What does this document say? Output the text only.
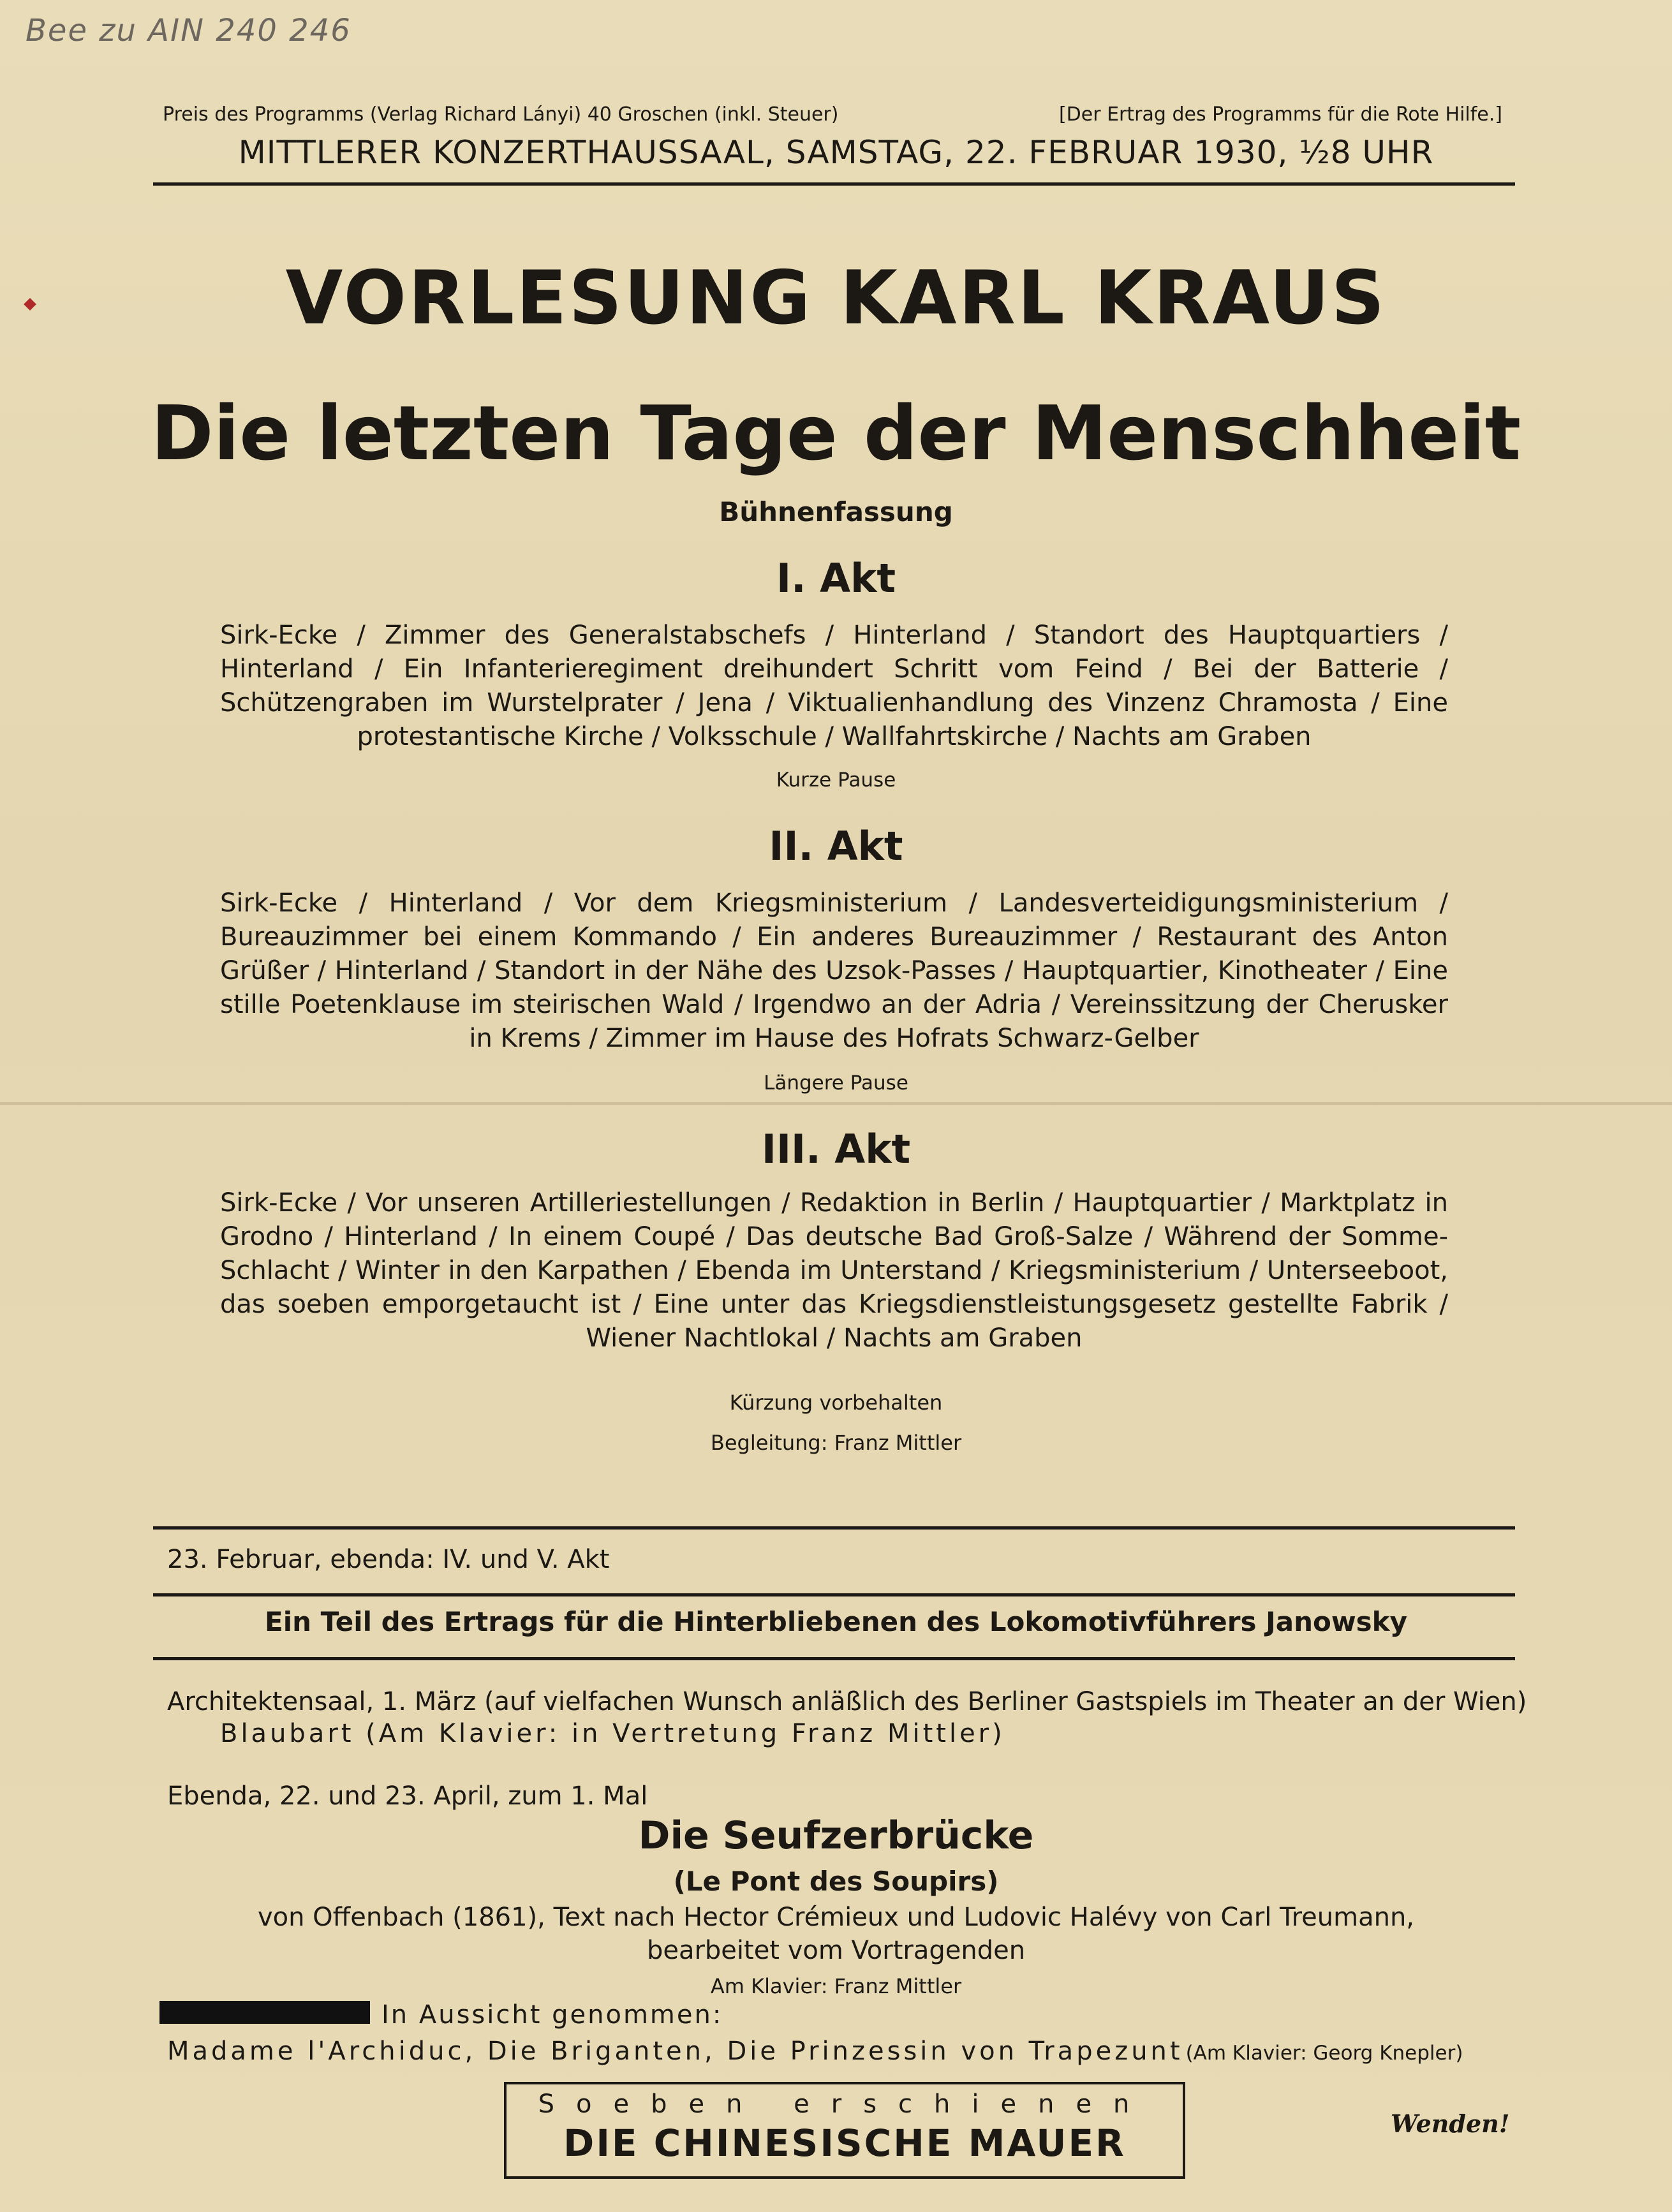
Bee zu AIN 240 246
Preis des Programms (Verlag Richard Lányi) 40 Groschen (inkl. Steuer)	[Der Ertrag des Programms für die Rote Hilfe.]
MITTLERER KONZERTHAUSSAAL, SAMSTAG, 22. FEBRUAR 1930, ½8 UHR
VORLESUNG KARL KRAUS
Die letzten Tage der Menschheit
Bühnenfassung
I. Akt
Sirk-Ecke / Zimmer des Generalstabschefs / Hinterland / Standort des Hauptquartiers / Hinterland / Ein Infanterieregiment dreihundert Schritt vom Feind / Bei der Batterie / Schützengraben im Wurstelprater / Jena / Viktualienhandlung des Vinzenz Chramosta / Eine protestantische Kirche / Volksschule / Wallfahrtskirche / Nachts am Graben
Kurze Pause
II. Akt
Sirk-Ecke / Hinterland / Vor dem Kriegsministerium / Landesverteidigungsministerium / Bureauzimmer bei einem Kommando / Ein anderes Bureauzimmer / Restaurant des Anton Grüßer / Hinterland / Standort in der Nähe des Uzsok-Passes / Hauptquartier, Kinotheater / Eine stille Poetenklause im steirischen Wald / Irgendwo an der Adria / Vereinssitzung der Cherusker in Krems / Zimmer im Hause des Hofrats Schwarz-Gelber
Längere Pause
III. Akt
Sirk-Ecke / Vor unseren Artilleriestellungen / Redaktion in Berlin / Hauptquartier / Marktplatz in Grodno / Hinterland / In einem Coupé / Das deutsche Bad Groß-Salze / Während der Somme-Schlacht / Winter in den Karpathen / Ebenda im Unterstand / Kriegsministerium / Unterseeboot, das soeben emporgetaucht ist / Eine unter das Kriegsdienstleistungsgesetz gestellte Fabrik / Wiener Nachtlokal / Nachts am Graben
Kürzung vorbehalten
Begleitung: Franz Mittler
23. Februar, ebenda: IV. und V. Akt
Ein Teil des Ertrags für die Hinterbliebenen des Lokomotivführers Janowsky
Architektensaal, 1. März (auf vielfachen Wunsch anläßlich des Berliner Gastspiels im Theater an der Wien)
Blaubart (Am Klavier: in Vertretung Franz Mittler)
Ebenda, 22. und 23. April, zum 1. Mal
Die Seufzerbrücke
(Le Pont des Soupirs)
von Offenbach (1861), Text nach Hector Crémieux und Ludovic Halévy von Carl Treumann,
bearbeitet vom Vortragenden
Am Klavier: Franz Mittler
In Aussicht genommen:
Madame l'Archiduc, Die Briganten, Die Prinzessin von Trapezunt (Am Klavier: Georg Knepler)
Soeben erschienen
DIE CHINESISCHE MAUER	Wenden!
